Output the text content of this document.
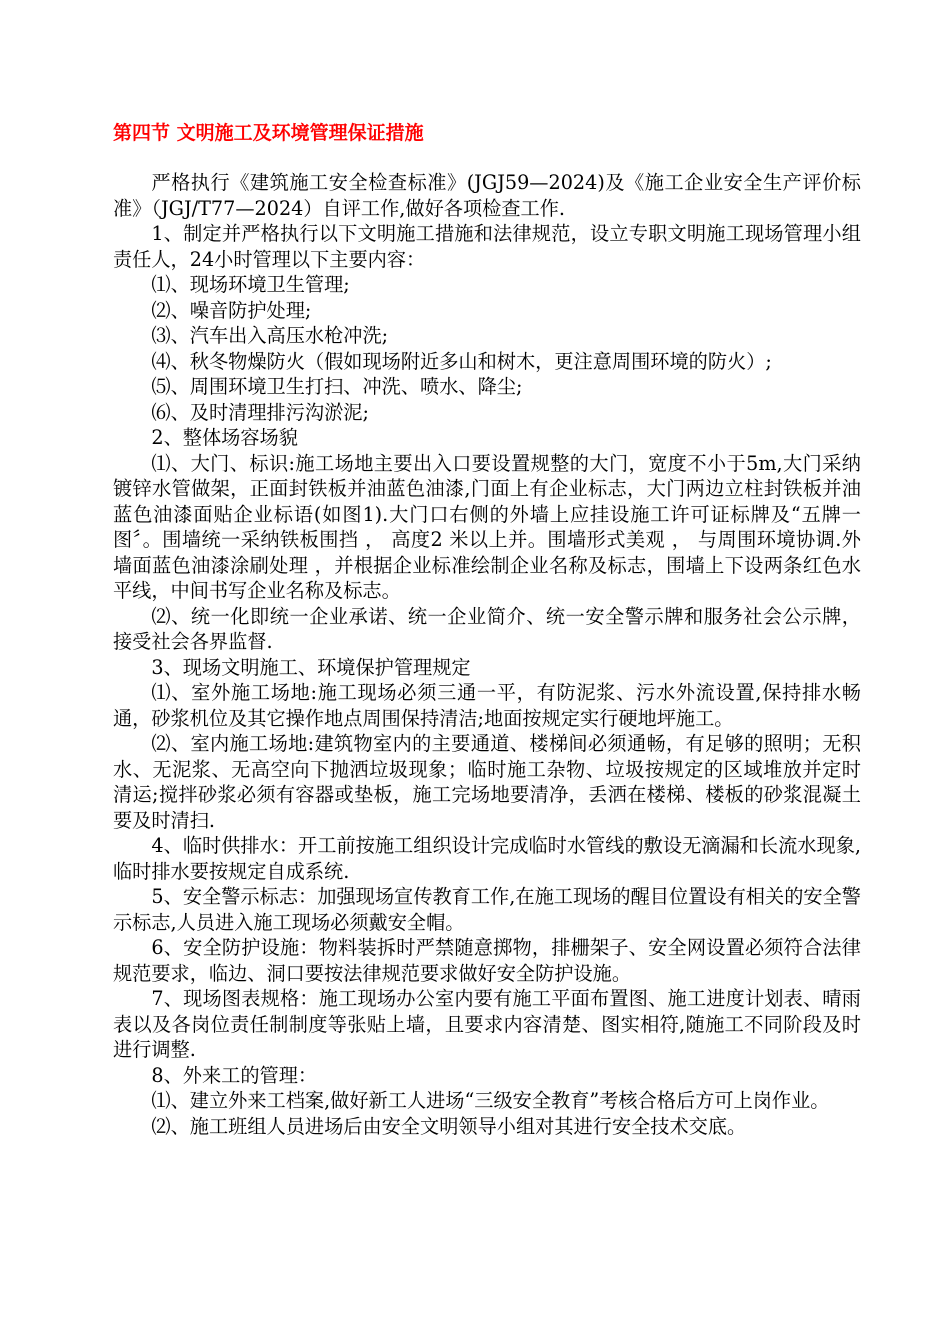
第四节 文明施工及环境管理保证措施

严格执行《建筑施工安全检查标准》(JGJ59—2024)及《施工企业安全生产评价标准》（JGJ/T77—2024）自评工作,做好各项检查工作.

1、制定并严格执行以下文明施工措施和法律规范，设立专职文明施工现场管理小组责任人，24小时管理以下主要内容：

⑴、现场环境卫生管理;

⑵、噪音防护处理;

⑶、汽车出入高压水枪冲洗;

⑷、秋冬物燥防火（假如现场附近多山和树木，更注意周围环境的防火）;

⑸、周围环境卫生打扫、冲洗、喷水、降尘;

⑹、及时清理排污沟淤泥;

2、整体场容场貌

⑴、大门、标识:施工场地主要出入口要设置规整的大门，宽度不小于5m,大门采纳镀锌水管做架，正面封铁板并油蓝色油漆,门面上有企业标志，大门两边立柱封铁板并油蓝色油漆面贴企业标语(如图1).大门口右侧的外墙上应挂设施工许可证标牌及“五牌一图〞。围墙统一采纳铁板围挡 ， 高度2 米以上并。围墙形式美观 ， 与周围环境协调.外墙面蓝色油漆涂刷处理 ，并根据企业标准绘制企业名称及标志，围墙上下设两条红色水平线，中间书写企业名称及标志。

⑵、统一化即统一企业承诺、统一企业简介、统一安全警示牌和服务社会公示牌，接受社会各界监督.

3、现场文明施工、环境保护管理规定

⑴、室外施工场地:施工现场必须三通一平，有防泥浆、污水外流设置,保持排水畅通，砂浆机位及其它操作地点周围保持清洁;地面按规定实行硬地坪施工。

⑵、室内施工场地:建筑物室内的主要通道、楼梯间必须通畅，有足够的照明；无积水、无泥浆、无高空向下抛洒垃圾现象；临时施工杂物、垃圾按规定的区域堆放并定时清运;搅拌砂浆必须有容器或垫板，施工完场地要清净，丢洒在楼梯、楼板的砂浆混凝土要及时清扫.

4、临时供排水：开工前按施工组织设计完成临时水管线的敷设无滴漏和长流水现象,临时排水要按规定自成系统.

5、安全警示标志：加强现场宣传教育工作,在施工现场的醒目位置设有相关的安全警示标志,人员进入施工现场必须戴安全帽。

6、安全防护设施：物料装拆时严禁随意掷物，排栅架子、安全网设置必须符合法律规范要求，临边、洞口要按法律规范要求做好安全防护设施。

7、现场图表规格：施工现场办公室内要有施工平面布置图、施工进度计划表、晴雨表以及各岗位责任制制度等张贴上墙，且要求内容清楚、图实相符,随施工不同阶段及时进行调整.

8、外来工的管理：

⑴、建立外来工档案,做好新工人进场“三级安全教育”考核合格后方可上岗作业。

⑵、施工班组人员进场后由安全文明领导小组对其进行安全技术交底。
